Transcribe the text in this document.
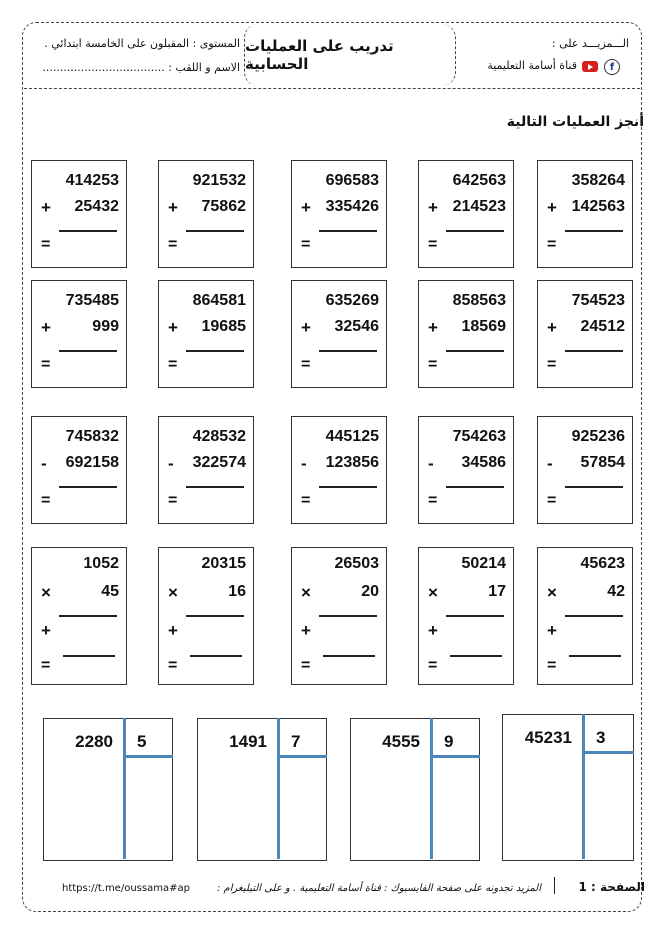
تدريب على العمليات الحسابية
الـــمزيـــد على :
قناة أسامة التعليمية	f
المستوى : المقبلون على الخامسة ابتدائي .
الاسم و اللقب : ...................................
أنجز العمليات التالية
414253
25432
+
=
921532
75862
+
=
696583
335426
+
=
642563
214523
+
=
358264
142563
+
=
735485
999
+
=
864581
19685
+
=
635269
32546
+
=
858563
18569
+
=
754523
24512
+
=
745832
692158
-
=
428532
322574
-
=
445125
123856
-
=
754263
34586
-
=
925236
57854
-
=
1052
45
×
+
=
20315
16
×
+
=
26503
20
×
+
=
50214
17
×
+
=
45623
42
×
+
=
2280 5	1491 7	4555 9	45231 3
الصفحة : 1
المزيد تجدونه على صفحة الفايسبوك : قناة أسامة التعليمية . و على التيليغرام :
https://t.me/oussama#ap
